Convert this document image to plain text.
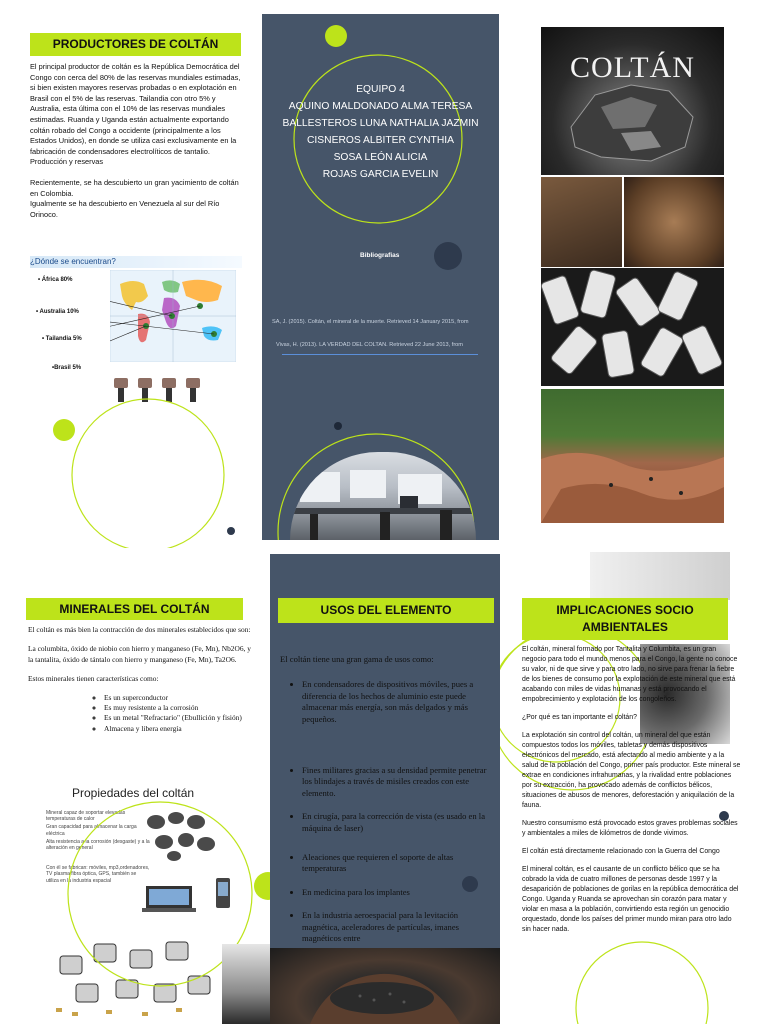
PRODUCTORES DE COLTÁN
El principal productor de coltán es la República Democrática del Congo con cerca del 80% de las reservas mundiales estimadas, si bien existen mayores reservas probadas o en explotación en Brasil con el 5% de las reservas. Tailandia con otro 5% y Australia, esta última con el 10% de las reservas mundiales estimadas. Ruanda y Uganda están actualmente exportando coltán robado del Congo a occidente (principalmente a los Estados Unidos), en donde se utiliza casi exclusivamente en la fabricación de condensadores electrolíticos de tantalio.
Producción y reservas
Recientemente, se ha descubierto un gran yacimiento de coltán en Colombia.
Igualmente se ha descubierto en Venezuela al sur del Río Orinoco.
¿Dónde se encuentran?
• África 80%
• Australia 10%
• Tailandia 5%
•Brasil 5%
EQUIPO 4
AQUINO MALDONADO ALMA TERESA
BALLESTEROS LUNA NATHALIA JAZMIN
CISNEROS ALBITER CYNTHIA
SOSA LEÓN ALICIA
ROJAS GARCIA EVELIN
Bibliografias
SA, J. (2015). Coltán, el mineral de la muerte. Retrieved 14 January 2015, from
Vivas, H. (2013). LA VERDAD DEL COLTAN. Retrieved 22 June 2013, from
COLTÁN
MINERALES DEL COLTÁN
El coltán es más bien la contracción de dos minerales establecidos que son:
La columbita, óxido de niobio con hierro y manganeso (Fe, Mn), Nb2O6, y la tantalita, óxido de tántalo con hierro y manganeso (Fe, Mn), Ta2O6.
Estos minerales tienen características como:
◦ Es un superconductor
◦ Es muy resistente a la corrosión
◦ Es un metal "Refractario" (Ebullición y fisión)
◦ Almacena y libera energía
Propiedades del coltán
Mineral capaz de soportar elevadas temperaturas de calor
Gran capacidad para almacenar la carga eléctrica
Alta resistencia a la corrosión (desgaste) y a la alteración en general
Con él se fabrican: móviles, mp3,ordenadores, TV plasma fibra óptica, GPS, también se utiliza en la industria espacial
USOS DEL ELEMENTO
El coltán tiene una gran gama de usos como:
• En condensadores de dispositivos móviles, pues a diferencia de los hechos de aluminio este puede almacenar más energía, son más delgados y más pequeños.
• Fines militares gracias a su densidad permite penetrar los blindajes a través de misiles creados con este elemento.
• En cirugía, para la corrección de vista (es usado en la máquina de laser)
• Aleaciones que requieren el soporte de altas temperaturas
• En medicina para los implantes
• En la industria aeroespacial para la levitación magnética, aceleradores de partículas, imanes magnéticos entre
IMPLICACIONES SOCIO AMBIENTALES
El coltán, mineral formado por Tantalita y Columbita, es un gran negocio para todo el mundo menos para el Congo, la gente no conoce su valor, ni de que sirve y para otro lado, no sirve para frenar la fiebre de los bienes de consumo por la explotación de este mineral que está acabando con miles de vidas humanas y está provocando el empobrecimiento y explotación de los congoleños.
¿Por qué es tan importante el coltán?
La explotación sin control del coltán, un mineral del que están compuestos todos los móviles, tabletas y demás dispositivos electrónicos del mercado, está afectando al medio ambiente y a la salud de la población del Congo, primer país productor. Este mineral se extrae en condiciones infrahumanas, y la rivalidad entre poblaciones por su extracción, ha provocado además de conflictos bélicos, situaciones de abusos de menores, deforestación y aniquilación de la fauna.
Nuestro consumismo está provocado estos graves problemas sociales y ambientales a miles de kilómetros de donde vivimos.
El coltán está directamente relacionado con la Guerra del Congo
El mineral coltán, es el causante de un conflicto bélico que se ha cobrado la vida de cuatro millones de personas desde 1997 y la desaparición de poblaciones de gorilas en la república democrática del Congo. Uganda y Ruanda se aprovechan sin corazón para matar y violar en masa a la población, convirtiendo esta región un genocidio orquestado, donde los países del primer mundo miran para otro lado sin hacer nada.
